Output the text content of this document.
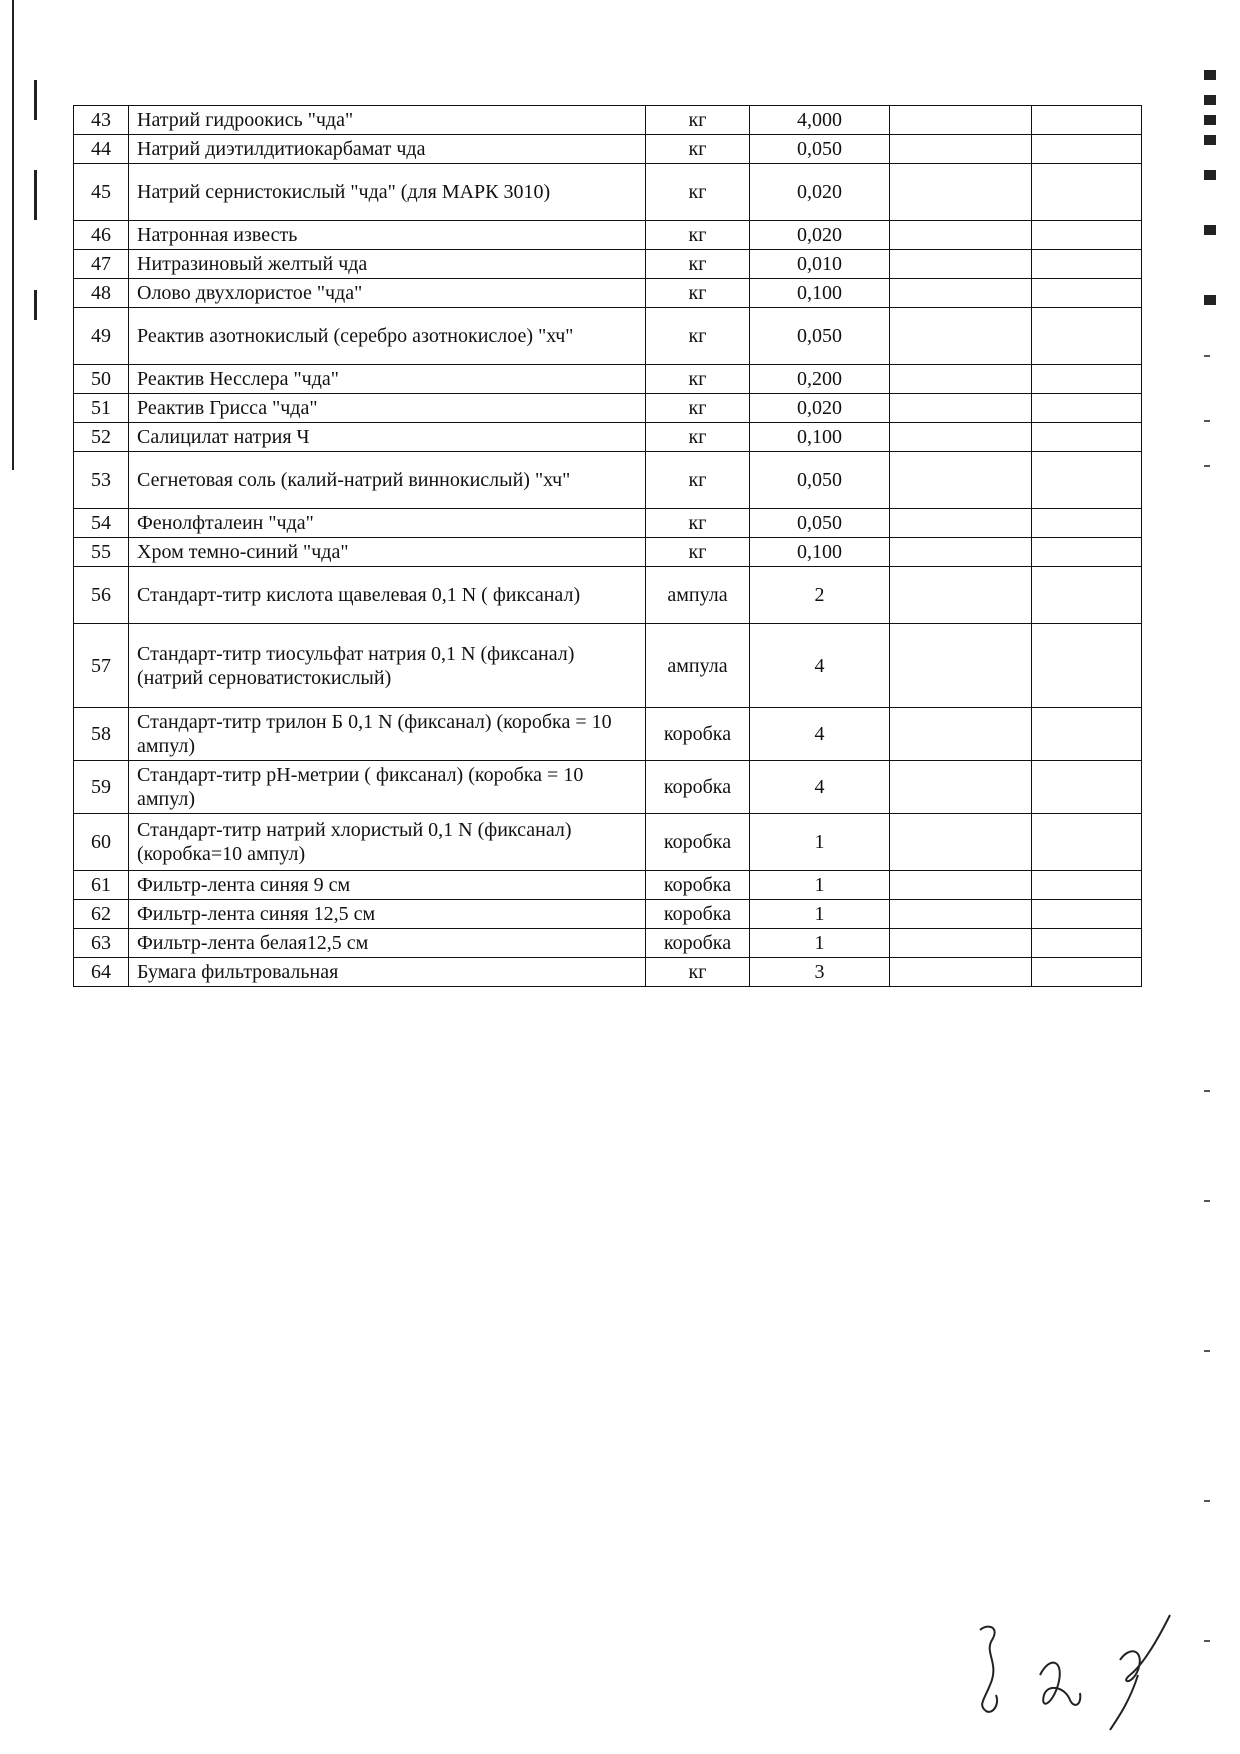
43	Натрий гидроокись "чда"	кг	4,000		
44	Натрий диэтилдитиокарбамат чда	кг	0,050		
45	Натрий сернистокислый "чда" (для МАРК 3010)	кг	0,020		
46	Натронная известь	кг	0,020		
47	Нитразиновый желтый чда	кг	0,010		
48	Олово двухлористое "чда"	кг	0,100		
49	Реактив азотнокислый (серебро азотнокислое) "хч"	кг	0,050		
50	Реактив Несслера "чда"	кг	0,200		
51	Реактив Грисса "чда"	кг	0,020		
52	Салицилат натрия Ч	кг	0,100		
53	Сегнетовая соль (калий-натрий виннокислый) "хч"	кг	0,050		
54	Фенолфталеин "чда"	кг	0,050		
55	Хром темно-синий "чда"	кг	0,100		
56	Стандарт-титр кислота щавелевая 0,1 N ( фиксанал)	ампула	2		
57	Стандарт-титр тиосульфат натрия 0,1 N (фиксанал) (натрий серноватистокислый)	ампула	4		
58	Стандарт-титр трилон Б 0,1 N (фиксанал) (коробка = 10 ампул)	коробка	4		
59	Стандарт-титр pH-метрии ( фиксанал) (коробка = 10 ампул)	коробка	4		
60	Стандарт-титр натрий хлористый 0,1 N (фиксанал) (коробка=10 ампул)	коробка	1		
61	Фильтр-лента синяя 9 см	коробка	1		
62	Фильтр-лента синяя 12,5 см	коробка	1		
63	Фильтр-лента белая12,5 см	коробка	1		
64	Бумага фильтровальная	кг	3		
